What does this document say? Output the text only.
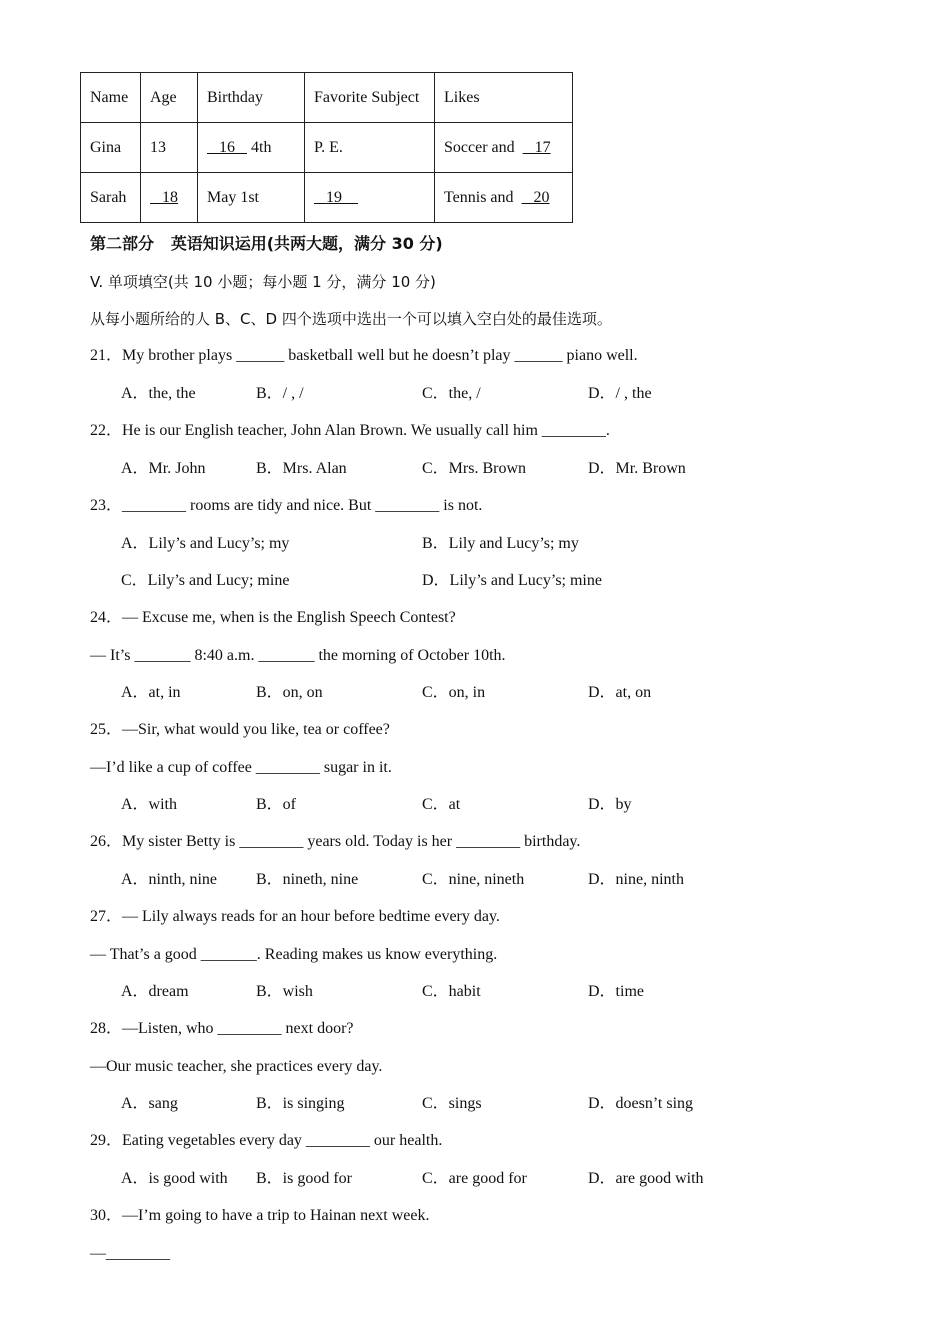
Name	Age	Birthday	Favorite Subject	Likes
Gina	13	16    4th	P. E.	Soccer and     17
Sarah	18	May 1st	19	Tennis and     20
第二部分   英语知识运用(共两大题，满分 30 分)
V. 单项填空(共 10 小题；每小题 1 分，满分 10 分)
从每小题所给的人 B、C、D 四个选项中选出一个可以填入空白处的最佳选项。
21．My brother plays ______ basketball well but he doesn’t play ______ piano well.
A．the, the	B．/ , /	C．the, /	D．/ , the
22．He is our English teacher, John Alan Brown. We usually call him ________.
A．Mr. John	B．Mrs. Alan	C．Mrs. Brown	D．Mr. Brown
23．________ rooms are tidy and nice. But ________ is not.
A．Lily’s and Lucy’s; my	B．Lily and Lucy’s; my
C．Lily’s and Lucy; mine	D．Lily’s and Lucy’s; mine
24．— Excuse me, when is the English Speech Contest?
— It’s _______ 8:40 a.m. _______ the morning of October 10th.
A．at, in	B．on, on	C．on, in	D．at, on
25．—Sir, what would you like, tea or coffee?
—I’d like a cup of coffee ________ sugar in it.
A．with	B．of	C．at	D．by
26．My sister Betty is ________ years old. Today is her ________ birthday.
A．ninth, nine B．nineth, nine	C．nine, nineth	D．nine, ninth
27．— Lily always reads for an hour before bedtime every day.
— That’s a good _______. Reading makes us know everything.
A．dream	B．wish	C．habit	D．time
28．—Listen, who ________ next door?
—Our music teacher, she practices every day.
A．sang	B．is singing	C．sings	D．doesn’t sing
29．Eating vegetables every day ________ our health.
A．is good with B．is good for	C．are good for	D．are good with
30．—I’m going to have a trip to Hainan next week.
—________
